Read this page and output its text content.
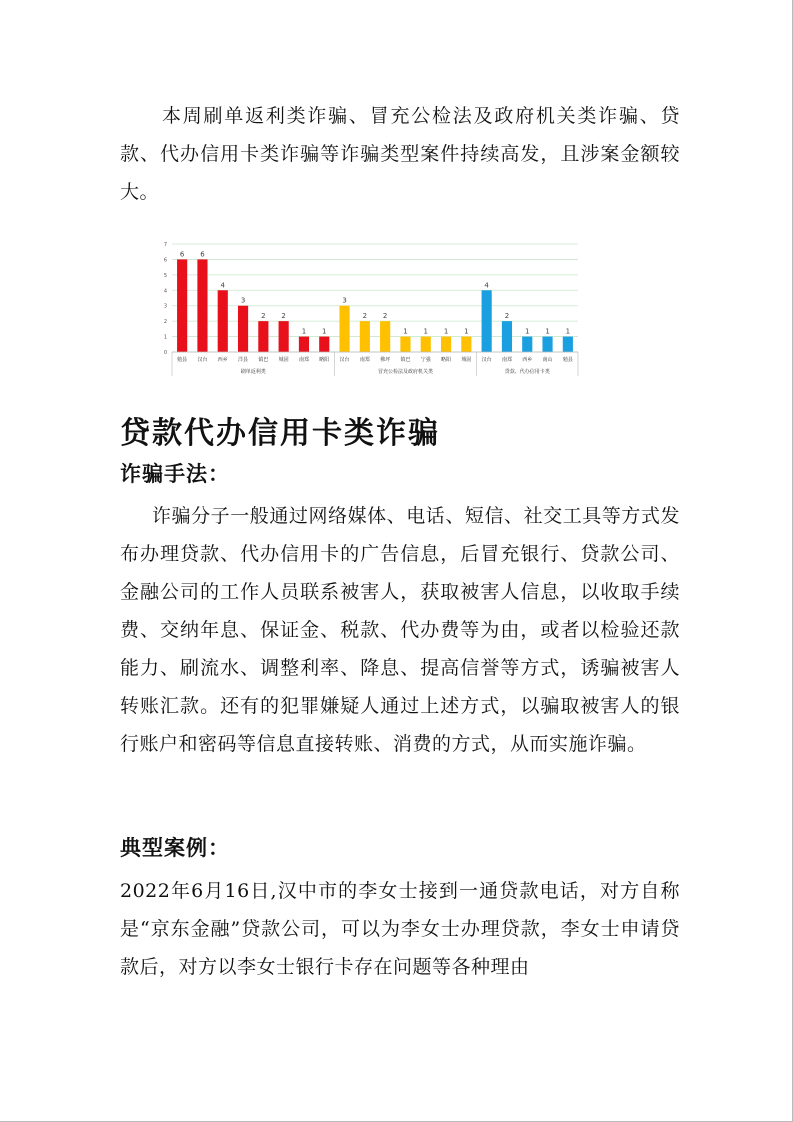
本周刷单返利类诈骗、冒充公检法及政府机关类诈骗、贷款、代办信用卡类诈骗等诈骗类型案件持续高发，且涉案金额较大。

0
1
2
3
4
5
6
7
6
勉县
6
汉台
4
西乡
3
洋县
2
镇巴
2
城固
1
南郑
1
略阳
刷单返利类
3
汉台
2
南郑
2
佛坪
1
镇巴
1
宁强
1
略阳
1
城固
冒充公检法及政府机关类
4
汉台
2
南郑
1
西乡
1
南山
1
勉县
贷款、代办信用卡类
贷款代办信用卡类诈骗
诈骗手法：

诈骗分子一般通过网络媒体、电话、短信、社交工具等方式发布办理贷款、代办信用卡的广告信息，后冒充银行、贷款公司、金融公司的工作人员联系被害人，获取被害人信息，以收取手续费、交纳年息、保证金、税款、代办费等为由，或者以检验还款能力、刷流水、调整利率、降息、提高信誉等方式，诱骗被害人转账汇款。还有的犯罪嫌疑人通过上述方式，以骗取被害人的银行账户和密码等信息直接转账、消费的方式，从而实施诈骗。

典型案例：

2022年6月16日,汉中市的李女士接到一通贷款电话，对方自称是“京东金融”贷款公司，可以为李女士办理贷款，李女士申请贷款后，对方以李女士银行卡存在问题等各种理由
